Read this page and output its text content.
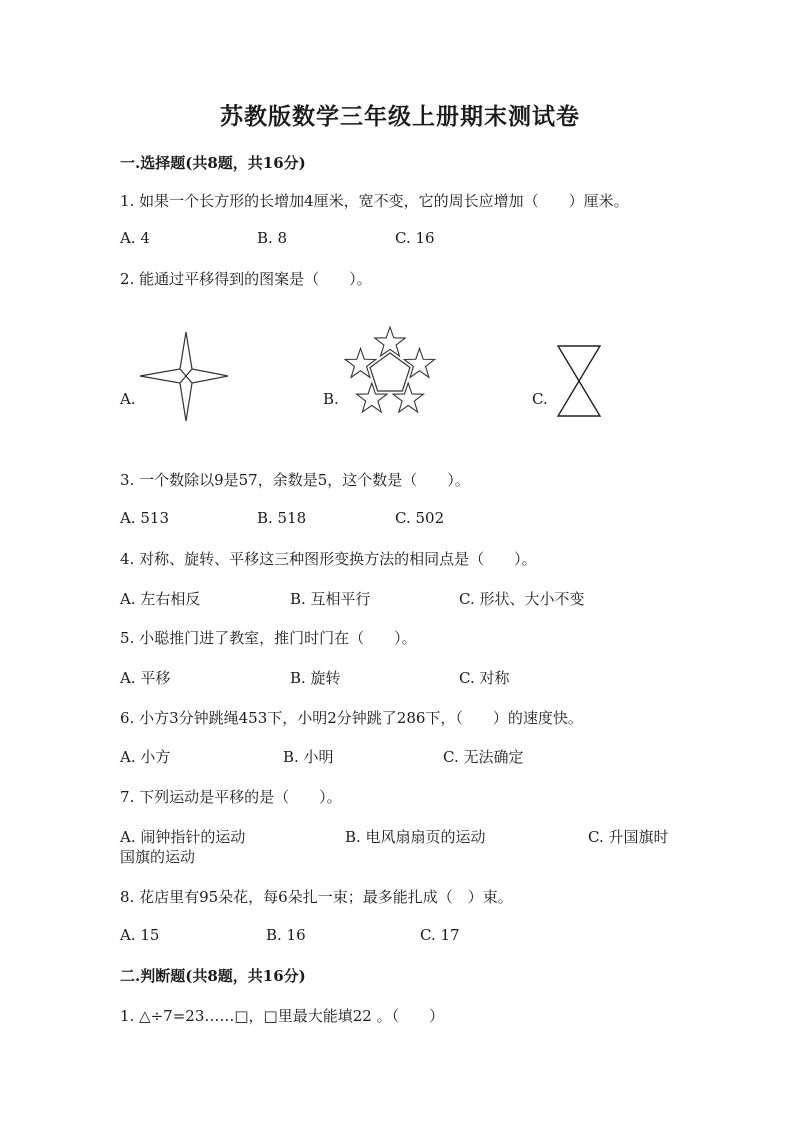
苏教版数学三年级上册期末测试卷
一.选择题(共8题，共16分)
1. 如果一个长方形的长增加4厘米，宽不变，它的周长应增加（　　）厘米。
A. 4	B. 8	C. 16
2. 能通过平移得到的图案是（　　）。
A.	B.	C.
3. 一个数除以9是57，余数是5，这个数是（　　）。
A. 513	B. 518	C. 502
4. 对称、旋转、平移这三种图形变换方法的相同点是（　　）。
A. 左右相反	B. 互相平行	C. 形状、大小不变
5. 小聪推门进了教室，推门时门在（　　）。
A. 平移	B. 旋转	C. 对称
6. 小方3分钟跳绳453下，小明2分钟跳了286下，（　　）的速度快。
A. 小方	B. 小明	C. 无法确定
7. 下列运动是平移的是（　　）。
A. 闹钟指针的运动	B. 电风扇扇页的运动	C. 升国旗时
国旗的运动
8. 花店里有95朵花，每6朵扎一束；最多能扎成（　）束。
A. 15	B. 16	C. 17
二.判断题(共8题，共16分)
1. △÷7=23……□，□里最大能填22 。（　　）
